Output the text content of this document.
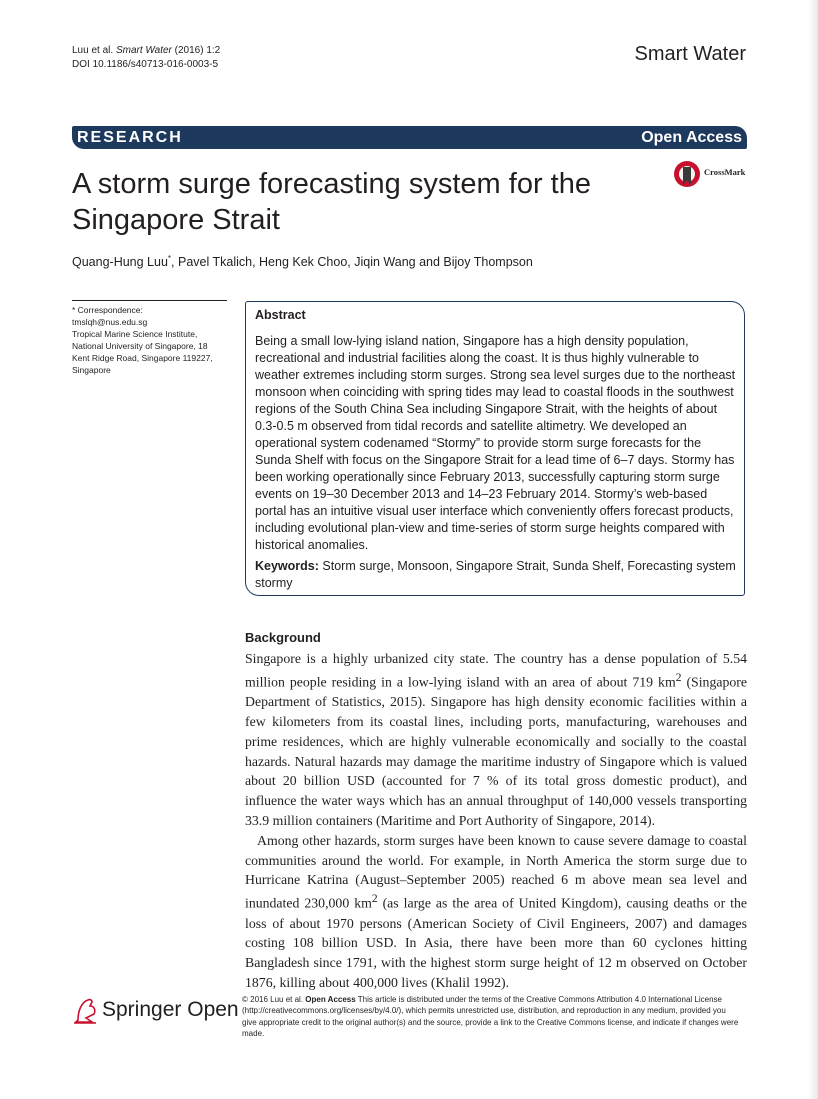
Luu et al. Smart Water (2016) 1:2
DOI 10.1186/s40713-016-0003-5	Smart Water
RESEARCH	Open Access
A storm surge forecasting system for the
Singapore Strait
CrossMark
Quang-Hung Luu*, Pavel Tkalich, Heng Kek Choo, Jiqin Wang and Bijoy Thompson
* Correspondence:
tmslqh@nus.edu.sg
Tropical Marine Science Institute,
National University of Singapore, 18
Kent Ridge Road, Singapore 119227,
Singapore
Abstract
Being a small low-lying island nation, Singapore has a high density population, recreational and industrial facilities along the coast. It is thus highly vulnerable to weather extremes including storm surges. Strong sea level surges due to the northeast monsoon when coinciding with spring tides may lead to coastal floods in the southwest regions of the South China Sea including Singapore Strait, with the heights of about 0.3-0.5 m observed from tidal records and satellite altimetry. We developed an operational system codenamed “Stormy” to provide storm surge forecasts for the Sunda Shelf with focus on the Singapore Strait for a lead time of 6–7 days. Stormy has been working operationally since February 2013, successfully capturing storm surge events on 19–30 December 2013 and 14–23 February 2014. Stormy’s web-based portal has an intuitive visual user interface which conveniently offers forecast products, including evolutional plan-view and time-series of storm surge heights compared with historical anomalies.
Keywords: Storm surge, Monsoon, Singapore Strait, Sunda Shelf, Forecasting system stormy
Background

Singapore is a highly urbanized city state. The country has a dense population of 5.54 million people residing in a low-lying island with an area of about 719 $km^2$ (Singapore Department of Statistics, 2015). Singapore has high density economic facilities within a few kilometers from its coastal lines, including ports, manufacturing, warehouses and prime residences, which are highly vulnerable economically and socially to the coastal hazards. Natural hazards may damage the maritime industry of Singapore which is valued about 20 billion USD (accounted for 7 % of its total gross domestic product), and influence the water ways which has an annual throughput of 140,000 vessels transporting 33.9 million containers (Maritime and Port Authority of Singapore, 2014).

Among other hazards, storm surges have been known to cause severe damage to coastal communities around the world. For example, in North America the storm surge due to Hurricane Katrina (August–September 2005) reached 6 m above mean sea level and inundated 230,000 $km^2$ (as large as the area of United Kingdom), causing deaths or the loss of about 1970 persons (American Society of Civil Engineers, 2007) and damages costing 108 billion USD. In Asia, there have been more than 60 cyclones hitting Bangladesh since 1791, with the highest storm surge height of 12 m observed on October 1876, killing about 400,000 lives (Khalil 1992).

Springer Open © 2016 Luu et al. Open Access This article is distributed under the terms of the Creative Commons Attribution 4.0 International License (http://creativecommons.org/licenses/by/4.0/), which permits unrestricted use, distribution, and reproduction in any medium, provided you give appropriate credit to the original author(s) and the source, provide a link to the Creative Commons license, and indicate if changes were made.
